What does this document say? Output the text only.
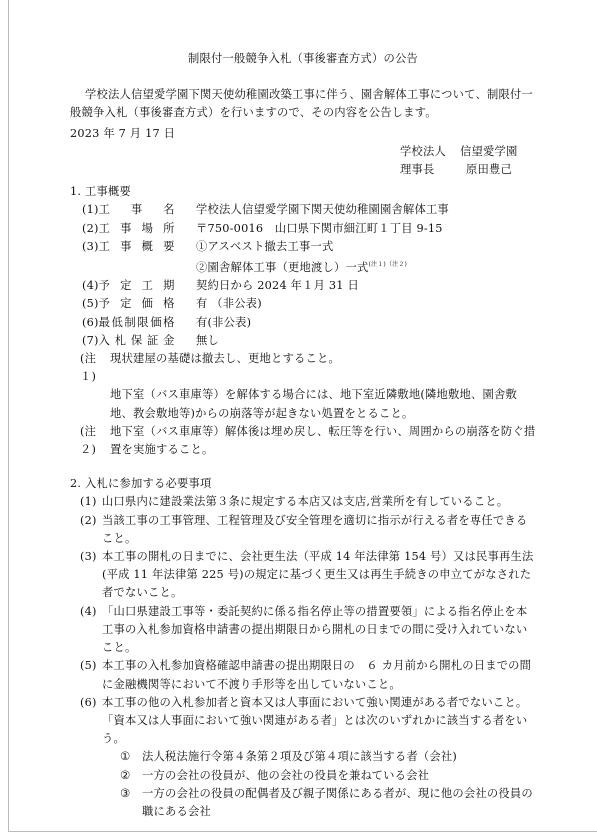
制限付一般競争入札（事後審査方式）の公告
学校法人信望愛学園下関天使幼稚園改築工事に伴う、園舎解体工事について、制限付一般競争入札（事後審査方式）を行いますので、その内容を公告します。
2023 年 7 月 17 日
学校法人	信望愛学園
理事長	原田豊己
1. 工事概要
(1)工 事 名	学校法人信望愛学園下関天使幼稚園園舎解体工事
(2)工 事 場 所	〒750-0016　山口県下関市細江町１丁目 9-15
(3)工 事 概 要	①アスベスト撤去工事一式
②園舎解体工事（更地渡し）一式$^{(注1)(注2)}$
(4)予 定 工 期	契約日から 2024 年１月 31 日
(5)予 定 価 格	有 （非公表)
(6)最低制限価格	有(非公表)
(7)入札保証金	無し
(注１)
現状建屋の基礎は撤去し、更地とすること。
地下室（バス車庫等）を解体する場合には、地下室近隣敷地(隣地敷地、園舎敷地、教会敷地等)からの崩落等が起きない処置をとること。
(注２)
地下室（バス車庫等）解体後は埋め戻し、転圧等を行い、周囲からの崩落を防ぐ措置を実施すること。
2. 入札に参加する必要事項
(1) 山口県内に建設業法第３条に規定する本店又は支店,営業所を有していること。
(2) 当該工事の工事管理、工程管理及び安全管理を適切に指示が行える者を専任できること。
(3) 本工事の開札の日までに、会社更生法（平成 14 年法律第 154 号）又は民事再生法(平成 11 年法律第 225 号)の規定に基づく更生又は再生手続きの申立てがなされた者でないこと。
(4) 「山口県建設工事等・委託契約に係る指名停止等の措置要領」による指名停止を本工事の入札参加資格申請書の提出期限日から開札の日までの間に受け入れていないこと。
(5) 本工事の入札参加資格確認申請書の提出期限日の　６ カ月前から開札の日までの間に金融機関等において不渡り手形等を出していないこと。
(6) 本工事の他の入札参加者と資本又は人事面において強い関連がある者でないこと。「資本又は人事面において強い関連がある者」とは次のいずれかに該当する者をいう。
①	法人税法施行令第４条第２項及び第４項に該当する者（会社)
②	一方の会社の役員が、他の会社の役員を兼ねている会社
③	一方の会社の役員の配偶者及び親子関係にある者が、現に他の会社の役員の職にある会社
